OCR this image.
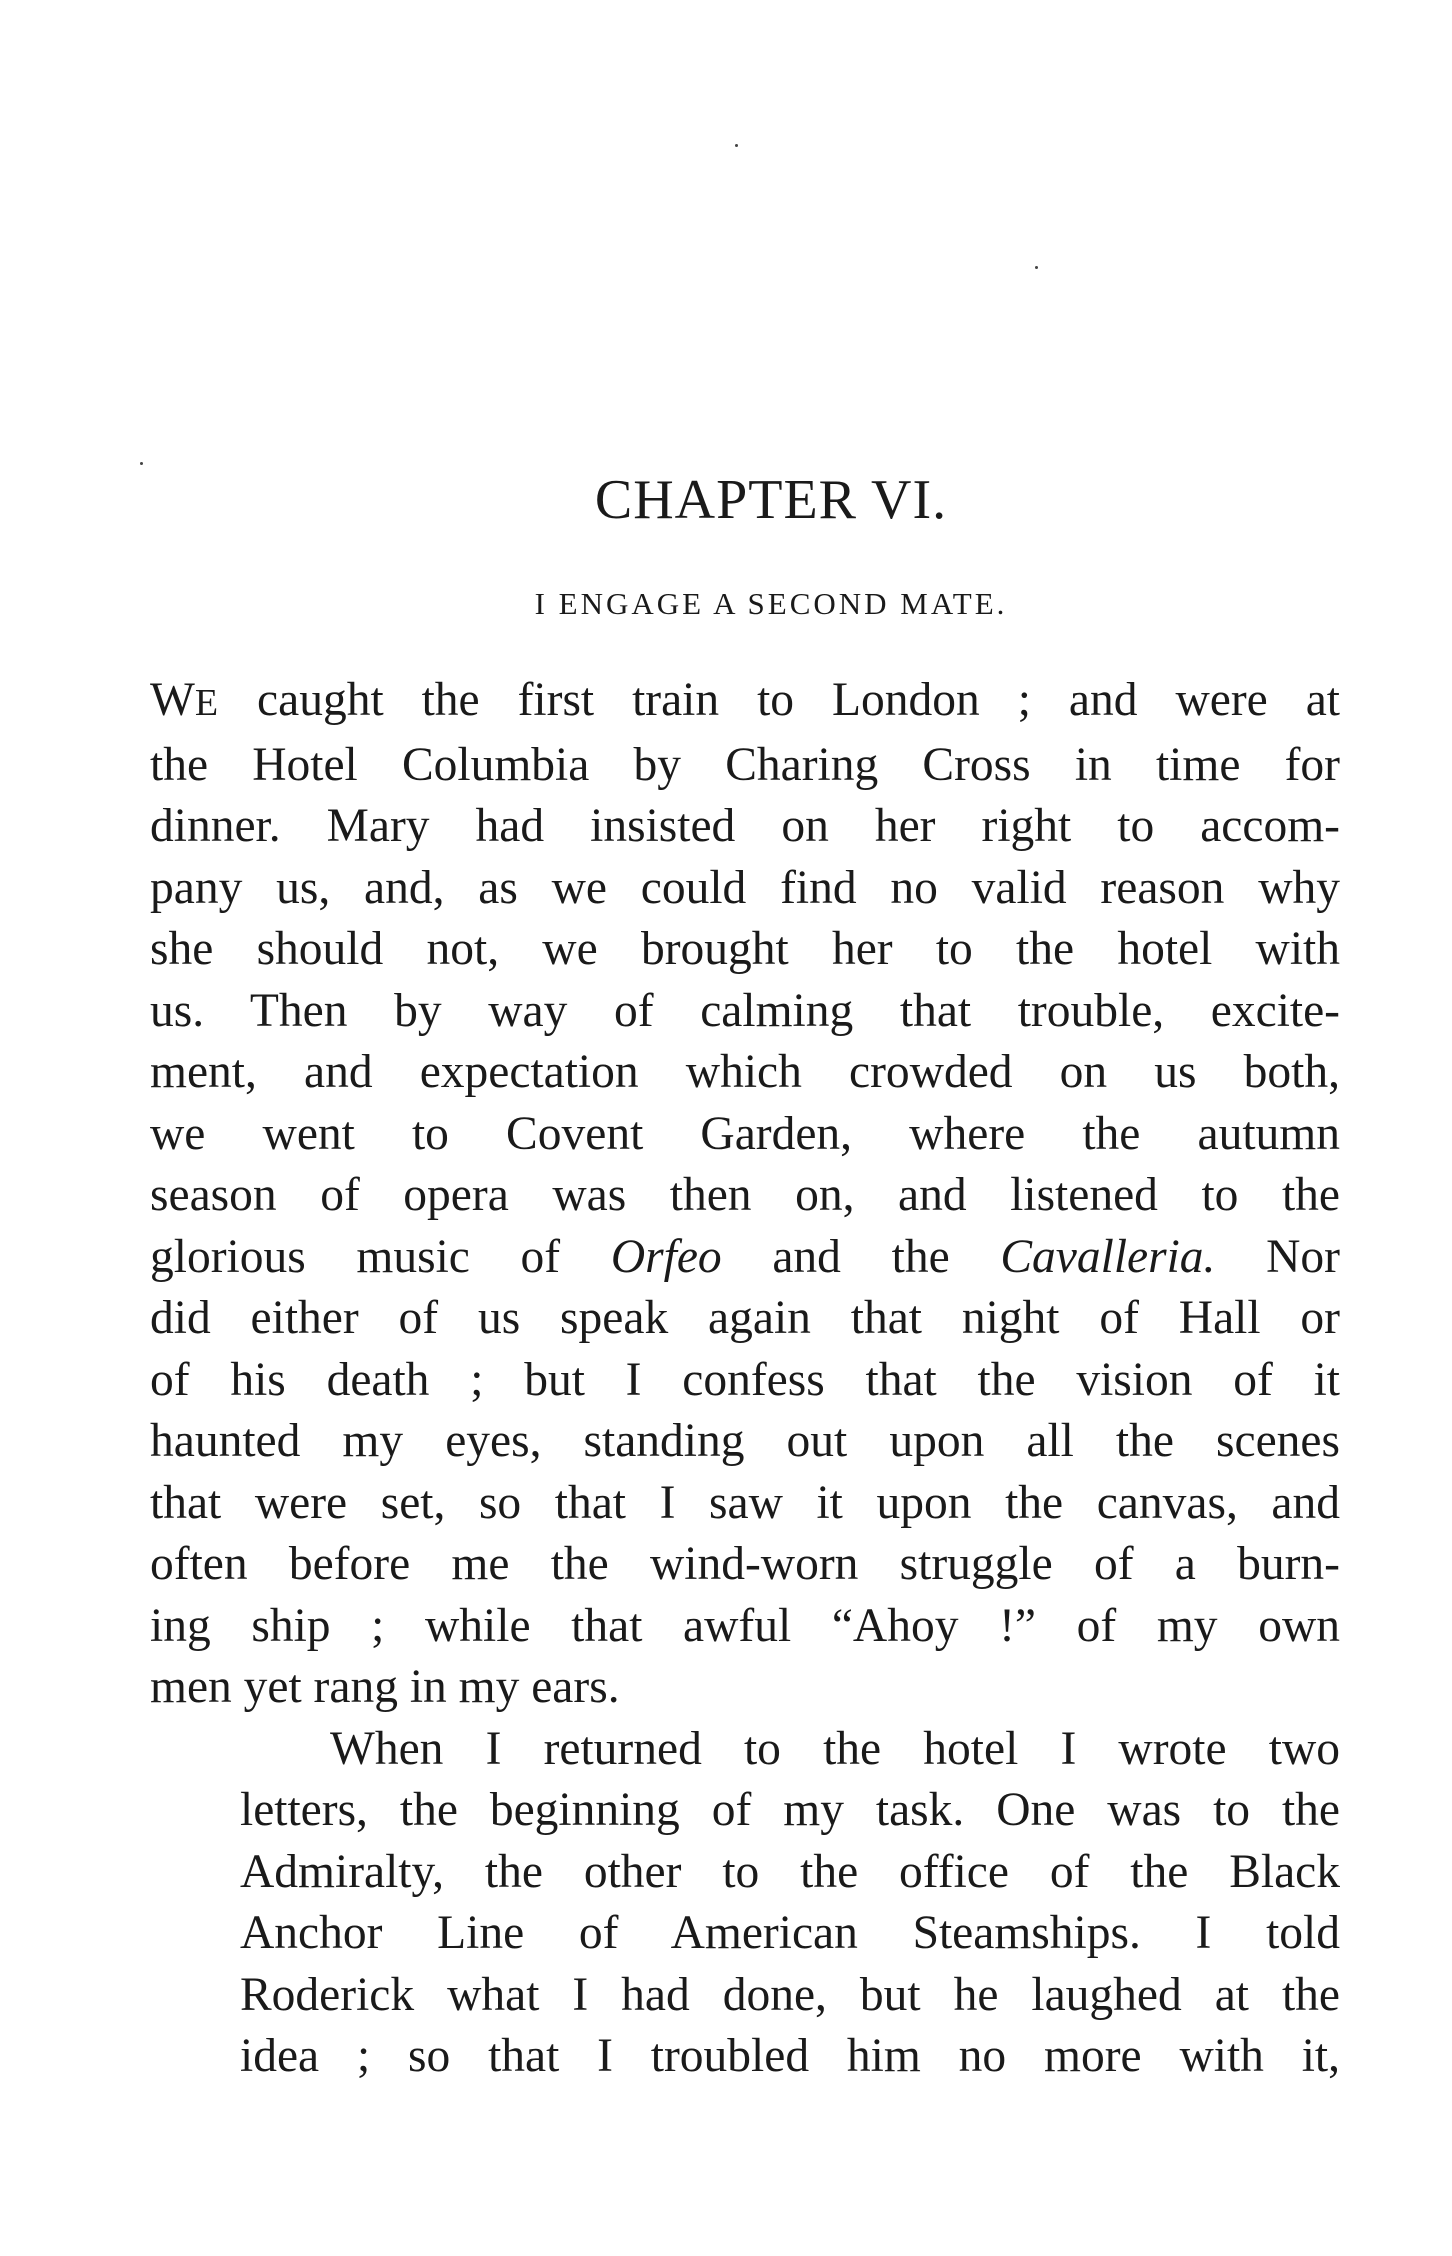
CHAPTER VI.
I ENGAGE A SECOND MATE.
WE caught the first train to London ; and were at
the Hotel Columbia by Charing Cross in time for
dinner. Mary had insisted on her right to accom-
pany us, and, as we could find no valid reason why
she should not, we brought her to the hotel with
us. Then by way of calming that trouble, excite-
ment, and expectation which crowded on us both,
we went to Covent Garden, where the autumn
season of opera was then on, and listened to the
glorious music of Orfeo and the Cavalleria. Nor
did either of us speak again that night of Hall or
of his death ; but I confess that the vision of it
haunted my eyes, standing out upon all the scenes
that were set, so that I saw it upon the canvas, and
often before me the wind-worn struggle of a burn-
ing ship ; while that awful “Ahoy !” of my own
men yet rang in my ears.
When I returned to the hotel I wrote two
letters, the beginning of my task. One was to the
Admiralty, the other to the office of the Black
Anchor Line of American Steamships. I told
Roderick what I had done, but he laughed at the
idea ; so that I troubled him no more with it,
